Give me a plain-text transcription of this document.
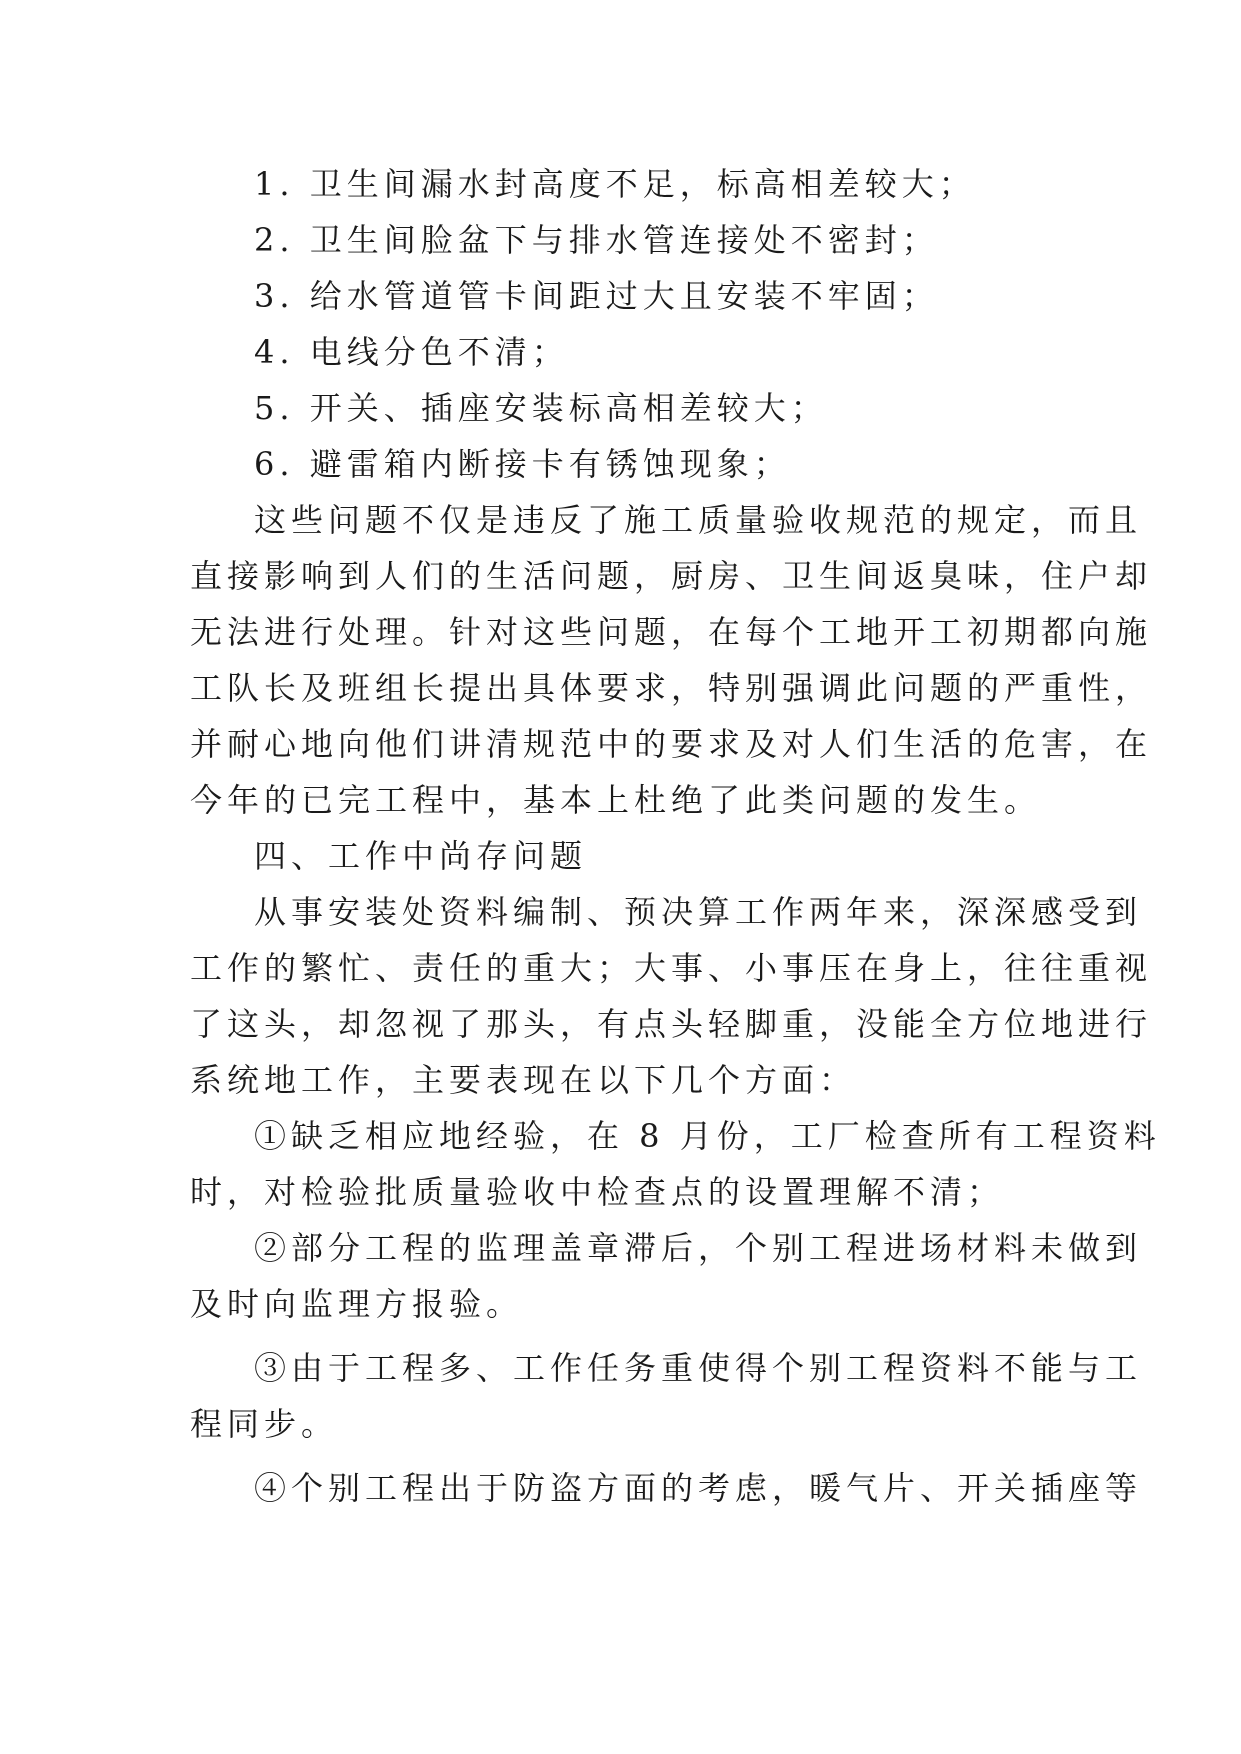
1. 卫生间漏水封高度不足，标高相差较大；
2. 卫生间脸盆下与排水管连接处不密封；
3. 给水管道管卡间距过大且安装不牢固；
4. 电线分色不清；
5. 开关、插座安装标高相差较大；
6. 避雷箱内断接卡有锈蚀现象；
这些问题不仅是违反了施工质量验收规范的规定，而且
直接影响到人们的生活问题，厨房、卫生间返臭味，住户却
无法进行处理。针对这些问题，在每个工地开工初期都向施
工队长及班组长提出具体要求，特别强调此问题的严重性，
并耐心地向他们讲清规范中的要求及对人们生活的危害，在
今年的已完工程中，基本上杜绝了此类问题的发生。
四、工作中尚存问题
从事安装处资料编制、预决算工作两年来，深深感受到
工作的繁忙、责任的重大；大事、小事压在身上，往往重视
了这头，却忽视了那头，有点头轻脚重，没能全方位地进行
系统地工作，主要表现在以下几个方面：
①缺乏相应地经验，在 8 月份，工厂检查所有工程资料
时，对检验批质量验收中检查点的设置理解不清；
②部分工程的监理盖章滞后，个别工程进场材料未做到
及时向监理方报验。
③由于工程多、工作任务重使得个别工程资料不能与工
程同步。
④个别工程出于防盗方面的考虑，暖气片、开关插座等
